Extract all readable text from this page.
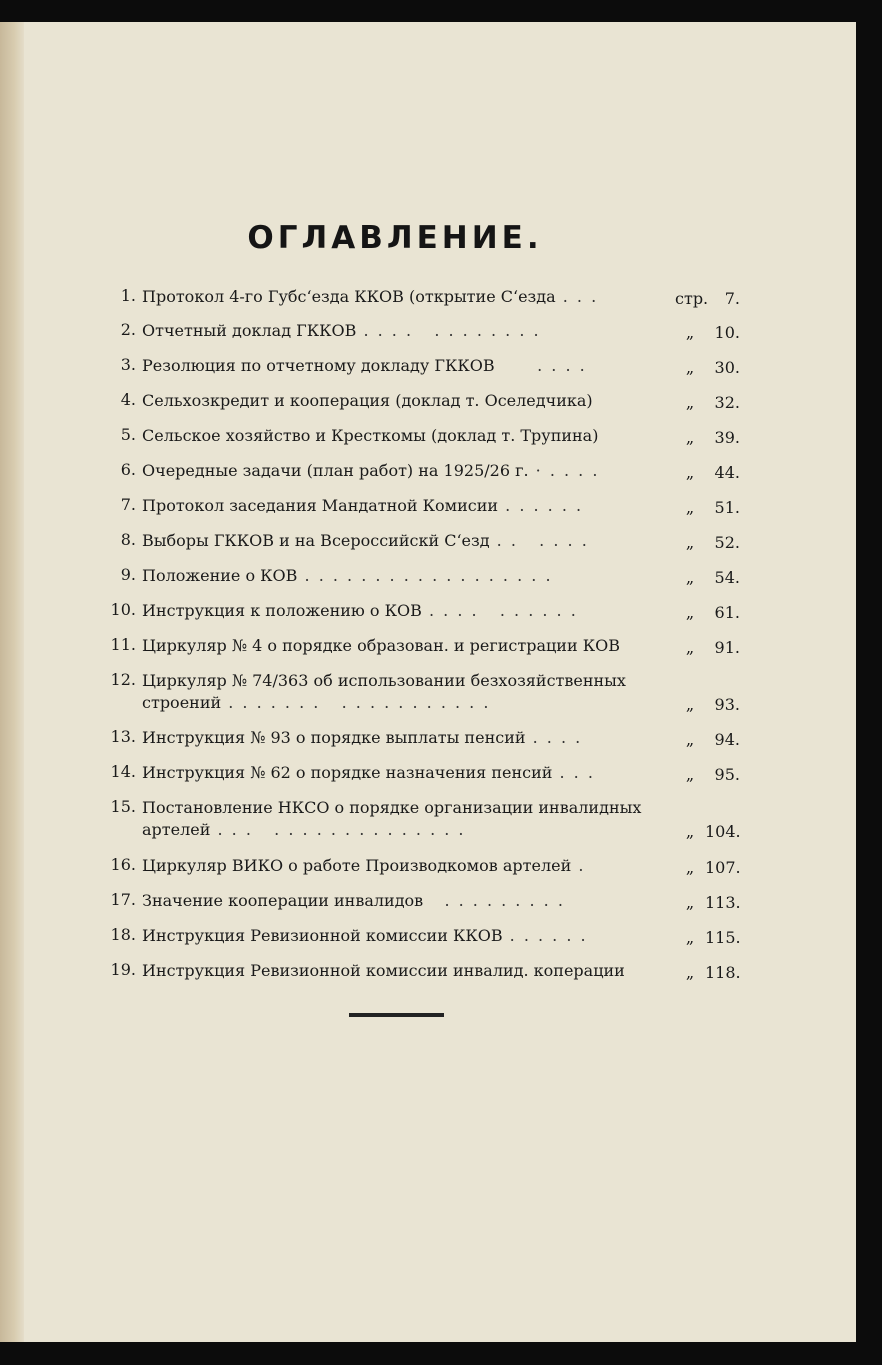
ОГЛАВЛЕНИЕ.
1. Протокол 4-го Губс‘езда ККОВ (открытие С‘езда . . .	стр.	7.
2. Отчетный доклад ГККОВ . . . .   . . . . . . . .	„	10.
3. Резолюция по отчетному докладу ГККОВ      . . . .	„	30.
4. Сельхозкредит и кооперация (доклад т. Оселедчика)	„	32.
5. Сельское хозяйство и Кресткомы (доклад т. Трупина)	„	39.
6. Очередные задачи (план работ) на 1925/26 г. · . . . .	„	44.
7. Протокол заседания Мандатной Комисии . . . . . .	„	51.
8. Выборы ГККОВ и на Всероссийскй С‘езд . .   . . . .	„	52.
9. Положение о КОВ . . . . . . . . . . . . . . . . . .	„	54.
10. Инструкция к положению о КОВ . . . .   . . . . . .	„	61.
11. Циркуляр № 4 о порядке образован. и регистрации КОВ	„	91.
12. Циркуляр № 74/363 об использовании безхозяйственных строений . . . . . . .   . . . . . . . . . . .	„	93.
13. Инструкция № 93 о порядке выплаты пенсий . . . .	„	94.
14. Инструкция № 62 о порядке назначения пенсий . . .	„	95.
15. Постановление НКСО о порядке организации инвалидных артелей . . .   . . . . . . . . . . . . . .	„ 104.
16. Циркуляр ВИКО о работе Производкомов артелей .	„ 107.
17. Значение кооперации инвалидов   . . . . . . . . .	„ 113.
18. Инструкция Ревизионной комиссии ККОВ . . . . . .	„ 115.
19. Инструкция Ревизионной комиссии инвалид. коперации	„ 118.
